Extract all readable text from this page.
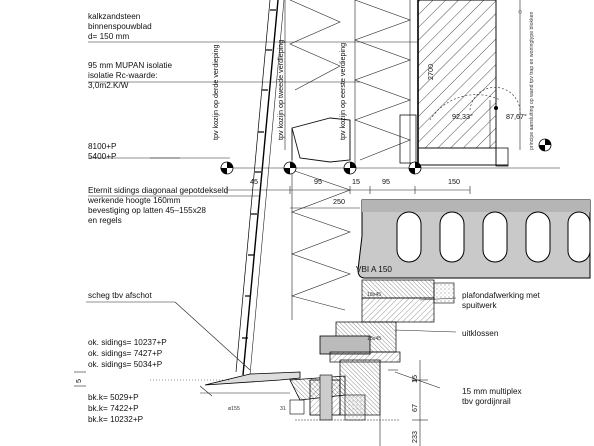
○
kalkzandsteen
binnenspouwblad
d= 150 mm
95 mm MUPAN isolatie
isolatie Rc-waarde:
3,0m2.K/W
8100+P
5400+P
Eternit sidings diagonaal gepotdekseld
werkende hoogte 160mm
bevestiging op latten 45–155x28
en regels
scheg tbv afschot
ok. sidings= 10237+P
ok. sidings= 7427+P
ok. sidings= 5034+P
bk.k= 5029+P
bk.k= 7422+P
bk.k= 10232+P
VBI A 150
plafondafwerking met
spuitwerk
uitklossen
15 mm multiplex
tbv gordijnrail
tpv kozijn op derde verdieping	tpv kozijn op tweede verdieping	tpv kozijn op eerste verdieping	principe aansluiting op wand tpv trap en woningtype blokken
92,33°	87,67°
2700
45	95	15	95	150
250
5	15
67
233
31
ø155
18x45
18x45
